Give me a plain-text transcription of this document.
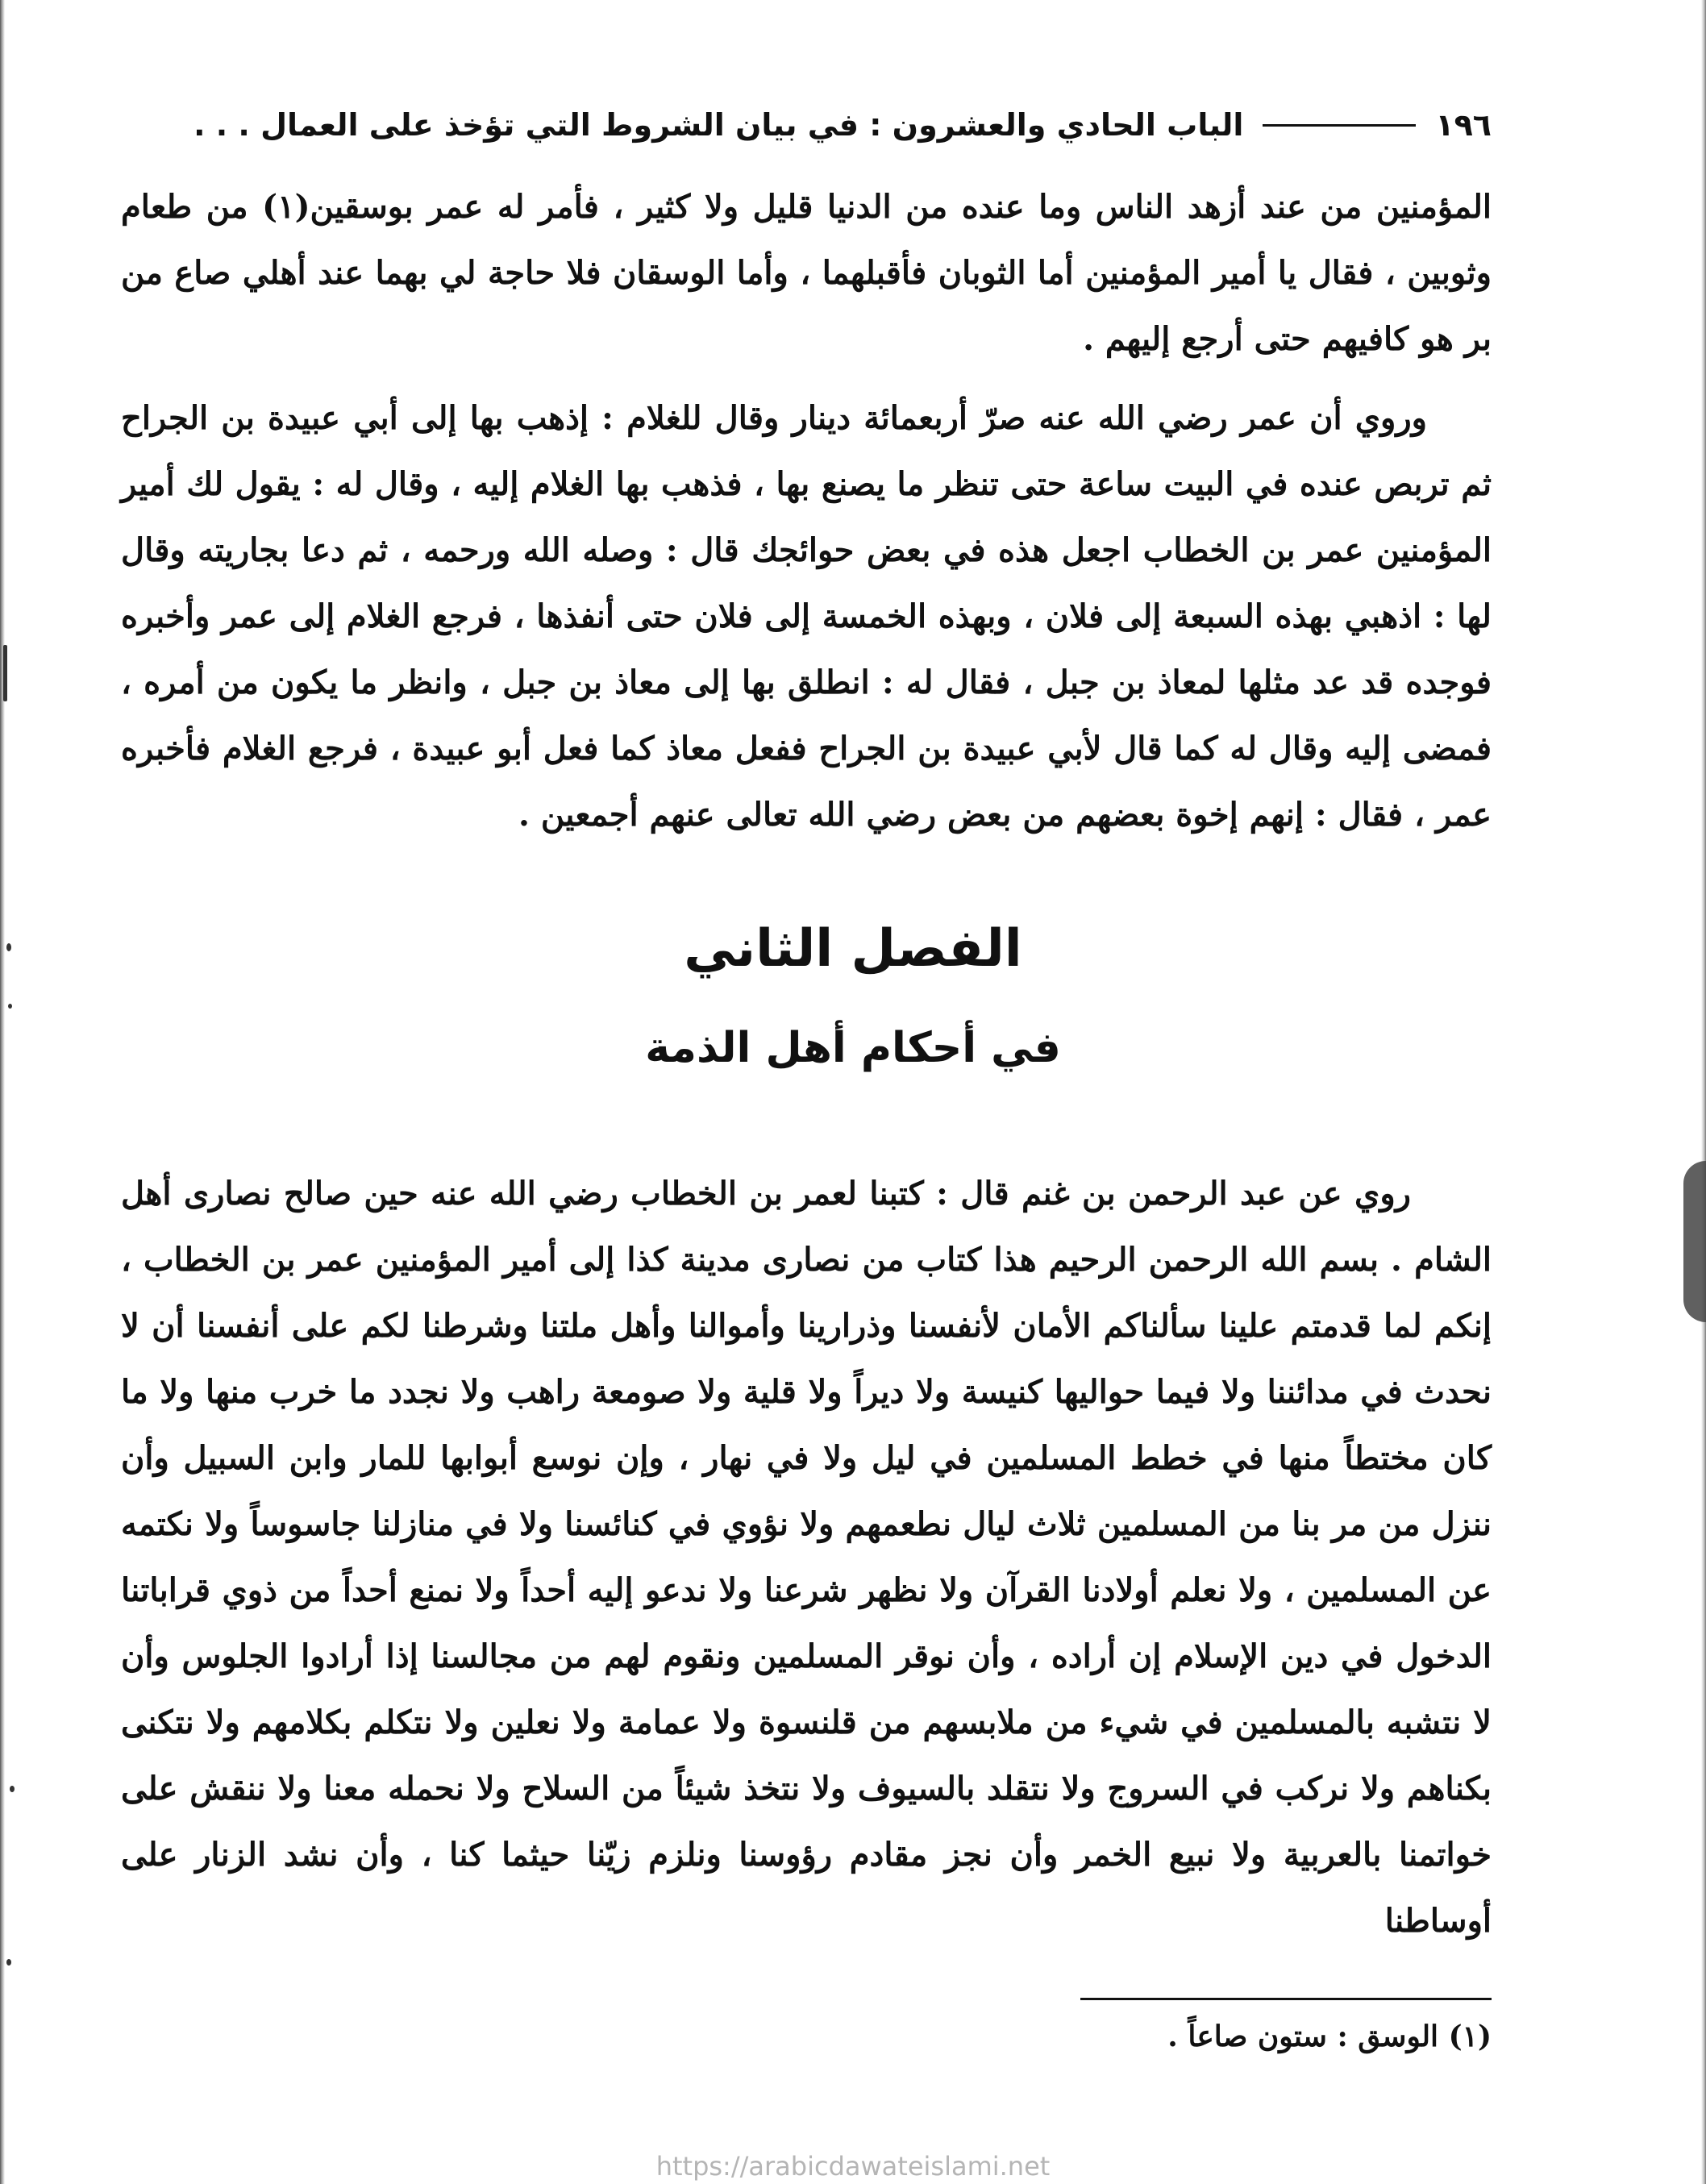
١٩٦
الباب الحادي والعشرون : في بيان الشروط التي تؤخذ على العمال . . .

المؤمنين من عند أزهد الناس وما عنده من الدنيا قليل ولا كثير ، فأمر له عمر بوسقين(١) من طعام وثوبين ، فقال يا أمير المؤمنين أما الثوبان فأقبلهما ، وأما الوسقان فلا حاجة لي بهما عند أهلي صاع من بر هو كافيهم حتى أرجع إليهم .

وروي أن عمر رضي الله عنه صرّ أربعمائة دينار وقال للغلام : إذهب بها إلى أبي عبيدة بن الجراح ثم تربص عنده في البيت ساعة حتى تنظر ما يصنع بها ، فذهب بها الغلام إليه ، وقال له : يقول لك أمير المؤمنين عمر بن الخطاب اجعل هذه في بعض حوائجك قال : وصله الله ورحمه ، ثم دعا بجاريته وقال لها : اذهبي بهذه السبعة إلى فلان ، وبهذه الخمسة إلى فلان حتى أنفذها ، فرجع الغلام إلى عمر وأخبره فوجده قد عد مثلها لمعاذ بن جبل ، فقال له : انطلق بها إلى معاذ بن جبل ، وانظر ما يكون من أمره ، فمضى إليه وقال له كما قال لأبي عبيدة بن الجراح ففعل معاذ كما فعل أبو عبيدة ، فرجع الغلام فأخبره عمر ، فقال : إنهم إخوة بعضهم من بعض رضي الله تعالى عنهم أجمعين .

الفصل الثاني
في أحكام أهل الذمة

روي عن عبد الرحمن بن غنم قال : كتبنا لعمر بن الخطاب رضي الله عنه حين صالح نصارى أهل الشام . بسم الله الرحمن الرحيم هذا كتاب من نصارى مدينة كذا إلى أمير المؤمنين عمر بن الخطاب ، إنكم لما قدمتم علينا سألناكم الأمان لأنفسنا وذرارينا وأموالنا وأهل ملتنا وشرطنا لكم على أنفسنا أن لا نحدث في مدائننا ولا فيما حواليها كنيسة ولا ديراً ولا قلية ولا صومعة راهب ولا نجدد ما خرب منها ولا ما كان مختطاً منها في خطط المسلمين في ليل ولا في نهار ، وإن نوسع أبوابها للمار وابن السبيل وأن ننزل من مر بنا من المسلمين ثلاث ليال نطعمهم ولا نؤوي في كنائسنا ولا في منازلنا جاسوساً ولا نكتمه عن المسلمين ، ولا نعلم أولادنا القرآن ولا نظهر شرعنا ولا ندعو إليه أحداً ولا نمنع أحداً من ذوي قراباتنا الدخول في دين الإسلام إن أراده ، وأن نوقر المسلمين ونقوم لهم من مجالسنا إذا أرادوا الجلوس وأن لا نتشبه بالمسلمين في شيء من ملابسهم من قلنسوة ولا عمامة ولا نعلين ولا نتكلم بكلامهم ولا نتكنى بكناهم ولا نركب في السروج ولا نتقلد بالسيوف ولا نتخذ شيئاً من السلاح ولا نحمله معنا ولا ننقش على خواتمنا بالعربية ولا نبيع الخمر وأن نجز مقادم رؤوسنا ونلزم زيّنا حيثما كنا ، وأن نشد الزنار على أوساطنا

(١) الوسق : ستون صاعاً .
https://arabicdawateislami.net
